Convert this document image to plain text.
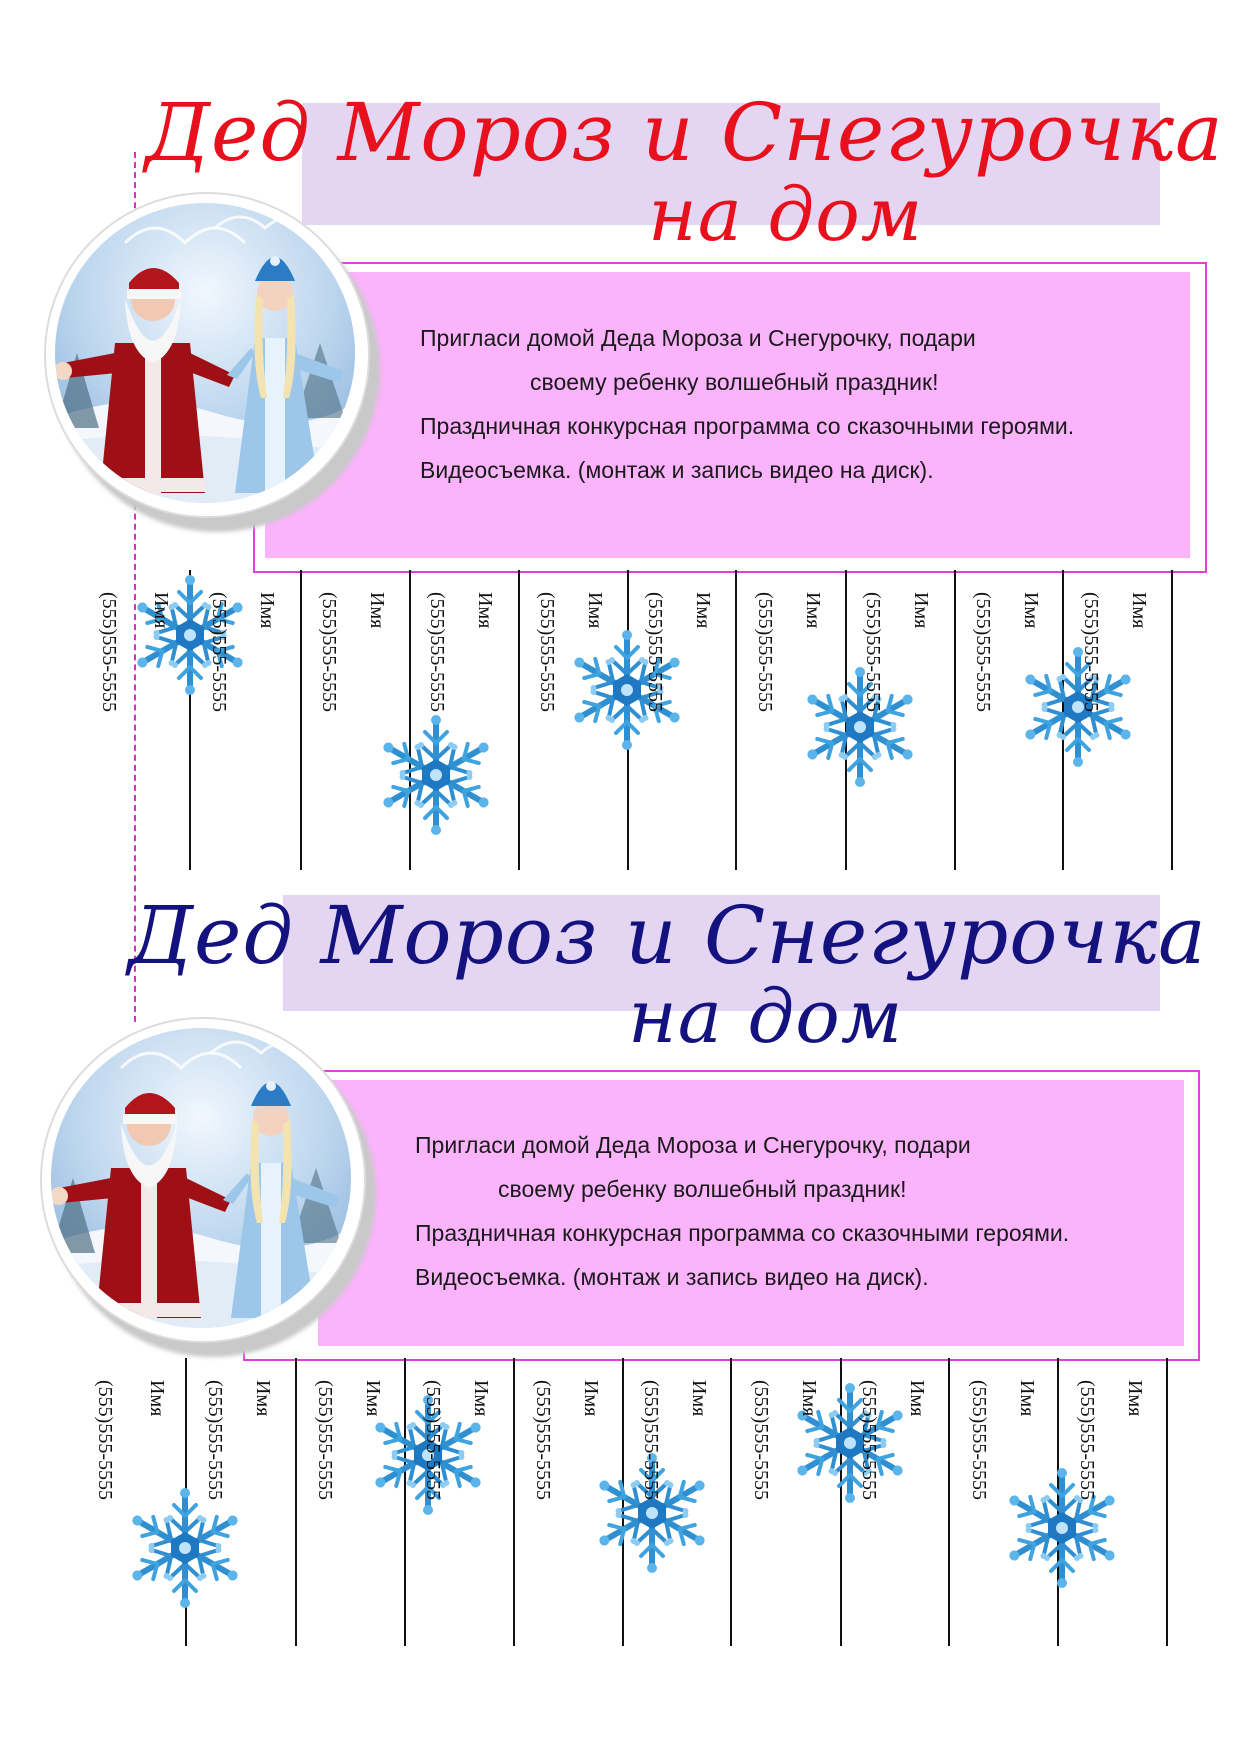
Дед Мороз и Снегурочка
на дом
Пригласи домой Деда Мороза и Снегурочку, подари
своему ребенку волшебный праздник!
Праздничная конкурсная программа со сказочными героями.
Видеосъемка. (монтаж и запись видео на диск).
Имя
(555)555-5555	Имя
(555)555-5555	Имя
(555)555-5555	Имя
(555)555-5555	Имя
(555)555-5555	Имя
(555)555-5555	Имя
(555)555-5555	Имя
(555)555-5555	Имя
(555)555-5555	Имя
(555)555-5555
Дед Мороз и Снегурочка
на дом
Пригласи домой Деда Мороза и Снегурочку, подари
своему ребенку волшебный праздник!
Праздничная конкурсная программа со сказочными героями.
Видеосъемка. (монтаж и запись видео на диск).
Имя
(555)555-5555	Имя
(555)555-5555	Имя
(555)555-5555	Имя
(555)555-5555	Имя
(555)555-5555	Имя
(555)555-5555	Имя
(555)555-5555	Имя
(555)555-5555	Имя
(555)555-5555	Имя
(555)555-5555
